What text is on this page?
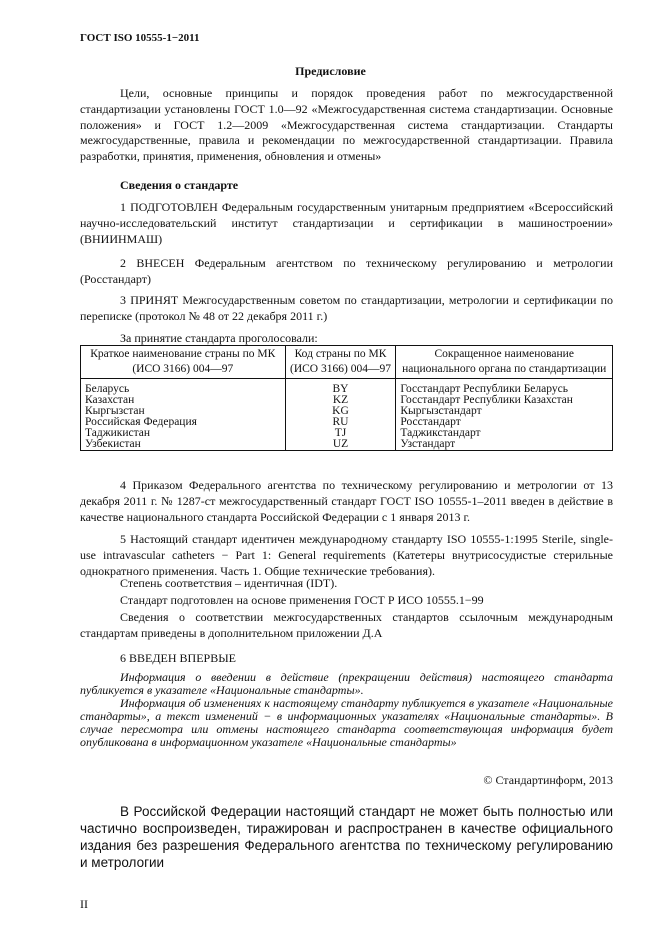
ГОСТ ISO 10555-1−2011
Предисловие
Цели, основные принципы и порядок проведения работ по межгосударственной стандартизации установлены ГОСТ 1.0—92 «Межгосударственная система стандартизации. Основные положения» и ГОСТ 1.2—2009 «Межгосударственная система стандартизации. Стандарты межгосударственные, правила и рекомендации по межгосударственной стандартизации. Правила разработки, принятия, применения, обновления и отмены»
Сведения о стандарте
1 ПОДГОТОВЛЕН Федеральным государственным унитарным предприятием «Всероссийский научно-исследовательский институт стандартизации и сертификации в машиностроении» (ВНИИНМАШ)
2 ВНЕСЕН Федеральным агентством по техническому регулированию и метрологии (Росстандарт)
3 ПРИНЯТ Межгосударственным советом по стандартизации, метрологии и сертификации по переписке (протокол № 48 от 22 декабря 2011 г.)
За принятие стандарта проголосовали:
Краткое наименование страны по МК (ИСО 3166) 004—97	Код страны по МК (ИСО 3166) 004—97	Сокращенное наименование национального органа по стандартизации
Беларусь	BY	Госстандарт Республики Беларусь
Казахстан	KZ	Госстандарт Республики Казахстан
Кыргызстан	KG	Кыргызстандарт
Российская Федерация	RU	Росстандарт
Таджикистан	TJ	Таджикстандарт
Узбекистан	UZ	Узстандарт
4 Приказом Федерального агентства по техническому регулированию и метрологии от 13 декабря 2011 г. № 1287-ст межгосударственный стандарт ГОСТ ISO 10555-1–2011 введен в действие в качестве национального стандарта Российской Федерации с 1 января 2013 г.
5 Настоящий стандарт идентичен международному стандарту ISO 10555-1:1995 Sterile, single-use intravascular catheters − Part 1: General requirements (Катетеры внутрисосудистые стерильные однократного применения. Часть 1. Общие технические требования).
Степень соответствия – идентичная (IDT).
Стандарт подготовлен на основе применения ГОСТ Р ИСО 10555.1−99
Сведения о соответствии межгосударственных стандартов ссылочным международным стандартам приведены в дополнительном приложении Д.А
6 ВВЕДЕН ВПЕРВЫЕ
Информация о введении в действие (прекращении действия) настоящего стандарта публикуется в указателе «Национальные стандарты».
Информация об изменениях к настоящему стандарту публикуется в указателе «Национальные стандарты», а текст изменений − в информационных указателях «Национальные стандарты». В случае пересмотра или отмены настоящего стандарта соответствующая информация будет опубликована в информационном указателе «Национальные стандарты»
© Стандартинформ, 2013
В Российской Федерации настоящий стандарт не может быть полностью или частично воспроизведен, тиражирован и распространен в качестве официального издания без разрешения Федерального агентства по техническому регулированию и метрологии
II
